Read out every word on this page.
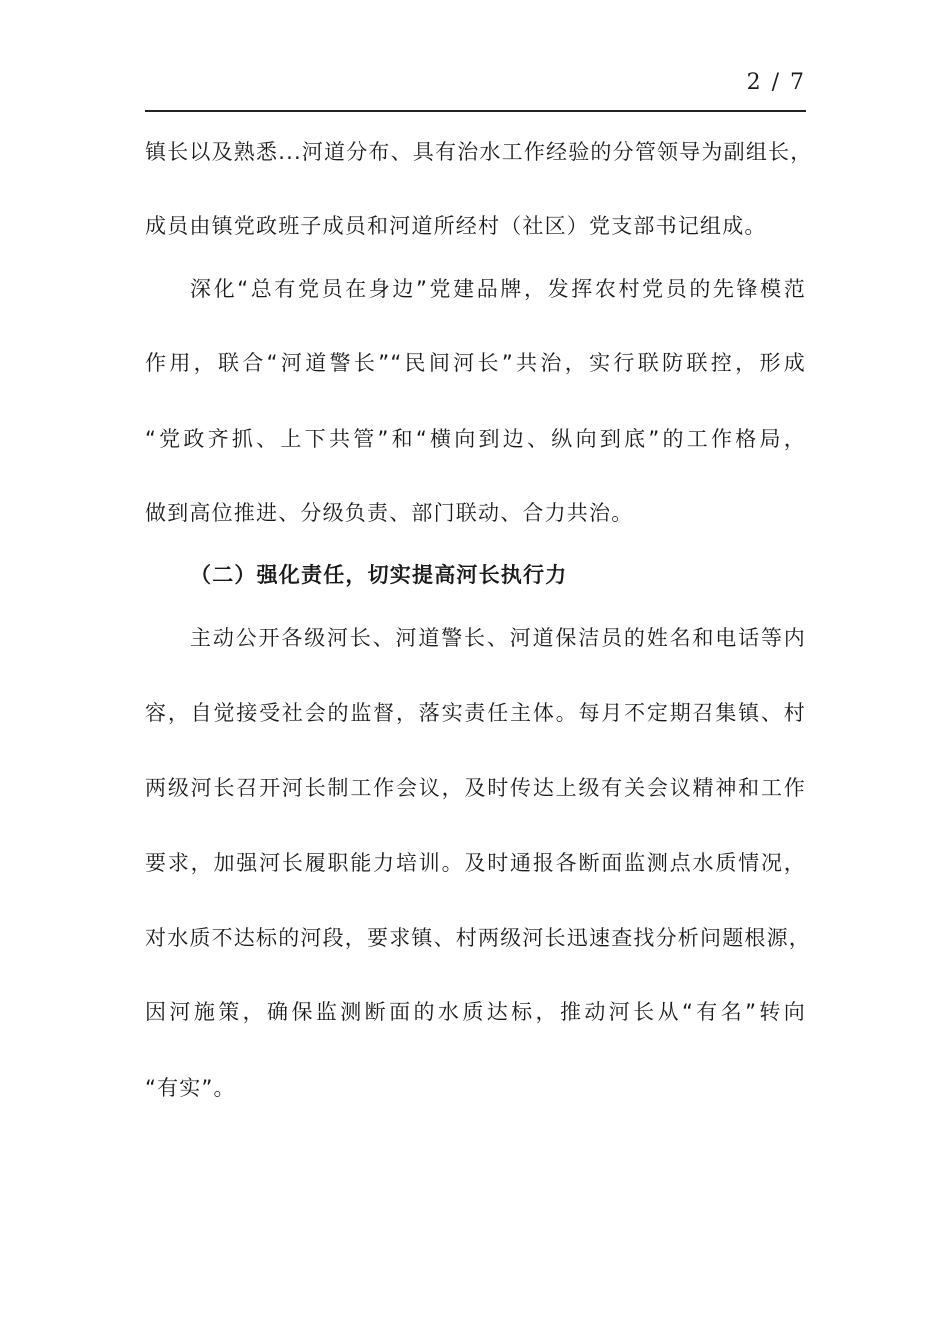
2 / 7
镇长以及熟悉...河道分布、具有治水工作经验的分管领导为副组长，
成员由镇党政班子成员和河道所经村（社区）党支部书记组成。
深化“总有党员在身边”党建品牌，发挥农村党员的先锋模范
作用，联合“河道警长”“民间河长”共治，实行联防联控，形成
“党政齐抓、上下共管”和“横向到边、纵向到底”的工作格局，
做到高位推进、分级负责、部门联动、合力共治。
（二）强化责任，切实提高河长执行力
主动公开各级河长、河道警长、河道保洁员的姓名和电话等内
容，自觉接受社会的监督，落实责任主体。每月不定期召集镇、村
两级河长召开河长制工作会议，及时传达上级有关会议精神和工作
要求，加强河长履职能力培训。及时通报各断面监测点水质情况，
对水质不达标的河段，要求镇、村两级河长迅速查找分析问题根源，
因河施策，确保监测断面的水质达标，推动河长从“有名”转向
“有实”。
